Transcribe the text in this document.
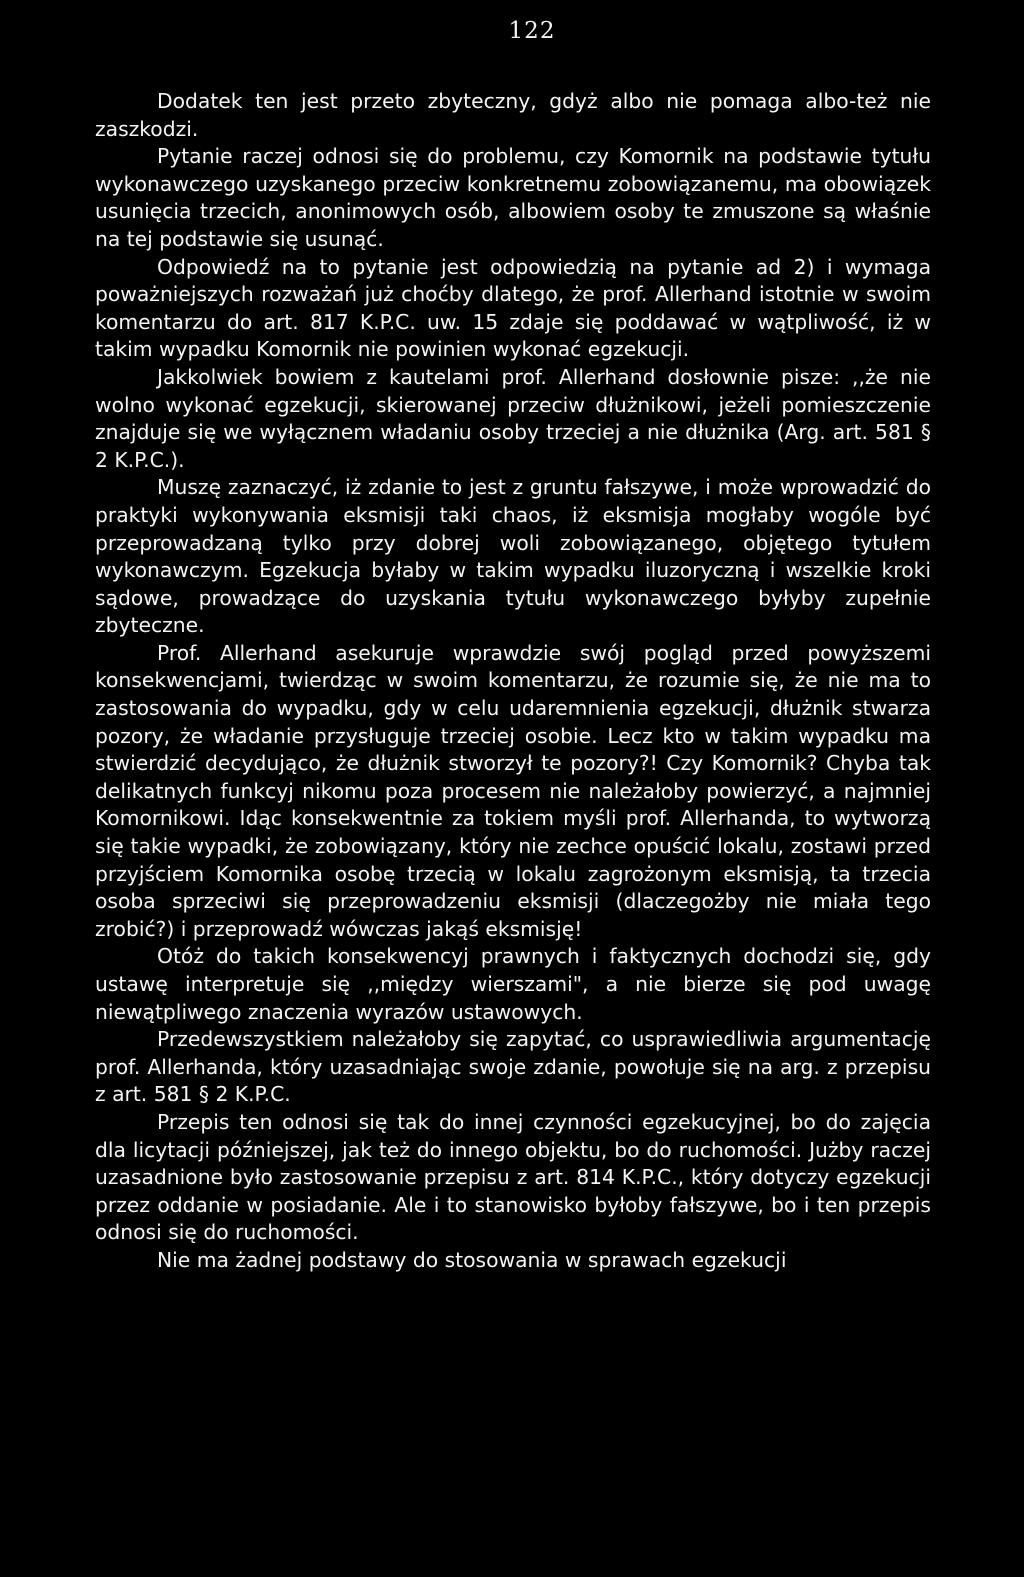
122

Dodatek ten jest przeto zbyteczny, gdyż albo nie pomaga albo-też nie zaszkodzi.

Pytanie raczej odnosi się do problemu, czy Komornik na podstawie tytułu wykonawczego uzyskanego przeciw konkretnemu zobowiązanemu, ma obowiązek usunięcia trzecich, anonimowych osób, albowiem osoby te zmuszone są właśnie na tej podstawie się usunąć.

Odpowiedź na to pytanie jest odpowiedzią na pytanie ad 2) i wymaga poważniejszych rozważań już choćby dlatego, że prof. Allerhand istotnie w swoim komentarzu do art. 817 K.P.C. uw. 15 zdaje się poddawać w wątpliwość, iż w takim wypadku Komornik nie powinien wykonać egzekucji.

Jakkolwiek bowiem z kautelami prof. Allerhand dosłownie pisze: ,,że nie wolno wykonać egzekucji, skierowanej przeciw dłużnikowi, jeżeli pomieszczenie znajduje się we wyłącznem władaniu osoby trzeciej a nie dłużnika (Arg. art. 581 § 2 K.P.C.).

Muszę zaznaczyć, iż zdanie to jest z gruntu fałszywe, i może wprowadzić do praktyki wykonywania eksmisji taki chaos, iż eksmisja mogłaby wogóle być przeprowadzaną tylko przy dobrej woli zobowiązanego, objętego tytułem wykonawczym. Egzekucja byłaby w takim wypadku iluzoryczną i wszelkie kroki sądowe, prowadzące do uzyskania tytułu wykonawczego byłyby zupełnie zbyteczne.

Prof. Allerhand asekuruje wprawdzie swój pogląd przed powyższemi konsekwencjami, twierdząc w swoim komentarzu, że rozumie się, że nie ma to zastosowania do wypadku, gdy w celu udaremnienia egzekucji, dłużnik stwarza pozory, że władanie przysługuje trzeciej osobie. Lecz kto w takim wypadku ma stwierdzić decydująco, że dłużnik stworzył te pozory?! Czy Komornik? Chyba tak delikatnych funkcyj nikomu poza procesem nie należałoby powierzyć, a najmniej Komornikowi. Idąc konsekwentnie za tokiem myśli prof. Allerhanda, to wytworzą się takie wypadki, że zobowiązany, który nie zechce opuścić lokalu, zostawi przed przyjściem Komornika osobę trzecią w lokalu zagrożonym eksmisją, ta trzecia osoba sprzeciwi się przeprowadzeniu eksmisji (dlaczegożby nie miała tego zrobić?) i przeprowadź wówczas jakąś eksmisję!

Otóż do takich konsekwencyj prawnych i faktycznych dochodzi się, gdy ustawę interpretuje się ,,między wierszami", a nie bierze się pod uwagę niewątpliwego znaczenia wyrazów ustawowych.

Przedewszystkiem należałoby się zapytać, co usprawiedliwia argumentację prof. Allerhanda, który uzasadniając swoje zdanie, powołuje się na arg. z przepisu z art. 581 § 2 K.P.C.

Przepis ten odnosi się tak do innej czynności egzekucyjnej, bo do zajęcia dla licytacji późniejszej, jak też do innego objektu, bo do ruchomości. Jużby raczej uzasadnione było zastosowanie przepisu z art. 814 K.P.C., który dotyczy egzekucji przez oddanie w posiadanie. Ale i to stanowisko byłoby fałszywe, bo i ten przepis odnosi się do ruchomości.

Nie ma żadnej podstawy do stosowania w sprawach egzekucji
